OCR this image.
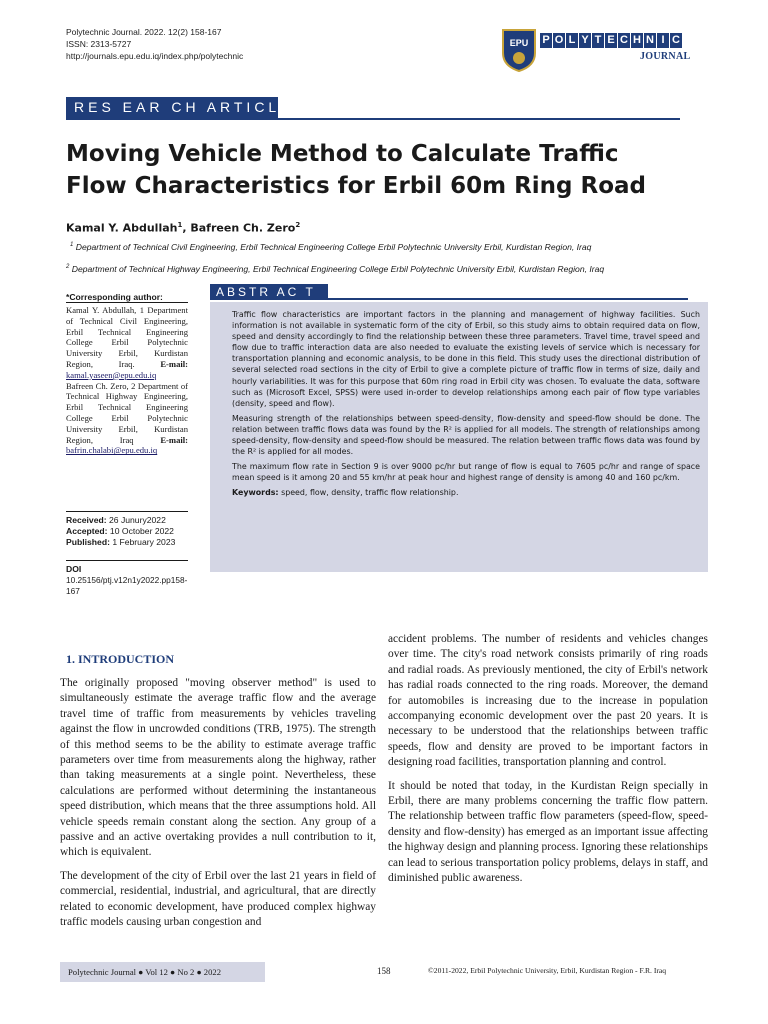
Polytechnic Journal. 2022. 12(2) 158-167
ISSN: 2313-5727
http://journals.epu.edu.iq/index.php/polytechnic
EPU P O L Y T E C H N I C
JOURNAL
RES EAR CH ARTICLE
Moving Vehicle Method to Calculate Traffic
Flow Characteristics for Erbil 60m Ring Road
Kamal Y. Abdullah$^1$, Bafreen Ch. Zero$^2$
$^1$ Department of Technical Civil Engineering, Erbil Technical Engineering College Erbil Polytechnic University Erbil, Kurdistan Region, Iraq
$^2$ Department of Technical Highway Engineering, Erbil Technical Engineering College Erbil Polytechnic University Erbil, Kurdistan Region, Iraq
*Corresponding author:
Kamal Y. Abdullah, 1 Department of Technical Civil Engineering, Erbil Technical Engineering College Erbil Polytechnic University Erbil, Kurdistan Region, Iraq.	E-mail: kamal.yaseen@epu.edu.iq
Bafreen Ch. Zero, 2 Department of Technical Highway Engineering, Erbil Technical Engineering College Erbil Polytechnic University Erbil, Kurdistan Region, Iraq	E-mail: bafrin.chalabi@epu.edu.iq
Received: 26 Junury2022
Accepted: 10 October 2022
Published: 1 February 2023
DOI
10.25156/ptj.v12n1y2022.pp158-167
ABSTR AC T

Traffic flow characteristics are important factors in the planning and management of highway facilities. Such information is not available in systematic form of the city of Erbil, so this study aims to obtain required data on flow, speed and density accordingly to find the relationship between these three parameters. Travel time, travel speed and flow due to traffic interaction data are also needed to evaluate the existing levels of service which is necessary for transportation planning and economic analysis, to be done in this field. This study uses the directional distribution of several selected road sections in the city of Erbil to give a complete picture of traffic flow in terms of size, daily and hourly variabilities. It was for this purpose that 60m ring road in Erbil city was chosen. To evaluate the data, software such as (Microsoft Excel, SPSS) were used in-order to develop relationships among each pair of flow type variables (density, speed and flow).

Measuring strength of the relationships between speed-density, flow-density and speed-flow should be done. The relation between traffic flows data was found by the R² is applied for all models. The strength of relationships among speed-density, flow-density and speed-flow should be measured. The relation between traffic flows data was found by the R² is applied for all modes.

The maximum flow rate in Section 9 is over 9000 pc/hr but range of flow is equal to 7605 pc/hr and range of space mean speed is it among 20 and 55 km/hr at peak hour and highest range of density is among 40 and 160 pc/km.

Keywords: speed, flow, density, traffic flow relationship.

1. INTRODUCTION

The originally proposed "moving observer method" is used to simultaneously estimate the average traffic flow and the average travel time of traffic from measurements by vehicles traveling against the flow in uncrowded conditions (TRB, 1975). The strength of this method seems to be the ability to estimate average traffic parameters over time from measurements along the highway, rather than taking measurements at a single point. Nevertheless, these calculations are performed without determining the instantaneous speed distribution, which means that the three assumptions hold. All vehicle speeds remain constant along the section. Any group of a passive and an active overtaking provides a null contribution to it, which is equivalent.

The development of the city of Erbil over the last 21 years in field of commercial, residential, industrial, and agricultural, that are directly related to economic development, have produced complex highway traffic models causing urban congestion and

accident problems. The number of residents and vehicles changes over time. The city's road network consists primarily of ring roads and radial roads. As previously mentioned, the city of Erbil's network has radial roads connected to the ring roads. Moreover, the demand for automobiles is increasing due to the increase in population accompanying economic development over the past 20 years. It is necessary to be understood that the relationships between traffic speeds, flow and density are proved to be important factors in designing road facilities, transportation planning and control.

It should be noted that today, in the Kurdistan Reign specially in Erbil, there are many problems concerning the traffic flow pattern. The relationship between traffic flow parameters (speed-flow, speed-density and flow-density) has emerged as an important issue affecting the highway design and planning process. Ignoring these relationships can lead to serious transportation policy problems, delays in staff, and diminished public awareness.

Polytechnic Journal ● Vol 12 ● No 2 ● 2022	158	©2011-2022, Erbil Polytechnic University, Erbil, Kurdistan Region - F.R. Iraq
